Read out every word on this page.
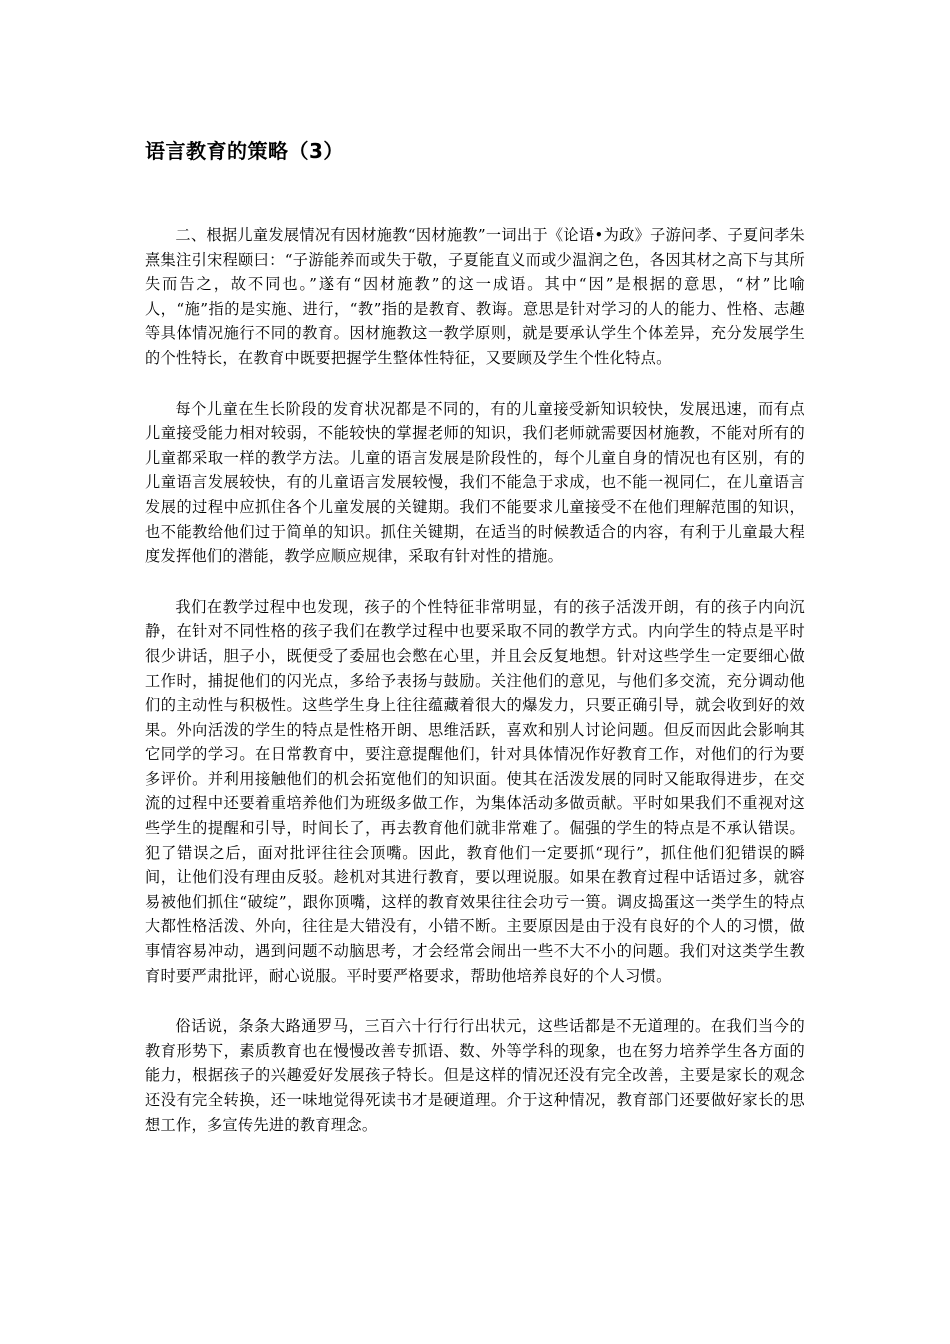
语言教育的策略（3）

二、根据儿童发展情况有因材施教“因材施教”一词出于《论语•为政》子游问孝、子夏问孝朱熹集注引宋程颐曰：“子游能养而或失于敬，子夏能直义而或少温润之色，各因其材之高下与其所失而告之，故不同也。”遂有“因材施教”的这一成语。其中“因”是根据的意思，“材”比喻人，“施”指的是实施、进行，“教”指的是教育、教诲。意思是针对学习的人的能力、性格、志趣等具体情况施行不同的教育。因材施教这一教学原则，就是要承认学生个体差异，充分发展学生的个性特长，在教育中既要把握学生整体性特征，又要顾及学生个性化特点。

每个儿童在生长阶段的发育状况都是不同的，有的儿童接受新知识较快，发展迅速，而有点儿童接受能力相对较弱，不能较快的掌握老师的知识，我们老师就需要因材施教，不能对所有的儿童都采取一样的教学方法。儿童的语言发展是阶段性的，每个儿童自身的情况也有区别，有的儿童语言发展较快，有的儿童语言发展较慢，我们不能急于求成，也不能一视同仁，在儿童语言发展的过程中应抓住各个儿童发展的关键期。我们不能要求儿童接受不在他们理解范围的知识，也不能教给他们过于简单的知识。抓住关键期，在适当的时候教适合的内容，有利于儿童最大程度发挥他们的潜能，教学应顺应规律，采取有针对性的措施。

我们在教学过程中也发现，孩子的个性特征非常明显，有的孩子活泼开朗，有的孩子内向沉静，在针对不同性格的孩子我们在教学过程中也要采取不同的教学方式。内向学生的特点是平时很少讲话，胆子小，既便受了委屈也会憋在心里，并且会反复地想。针对这些学生一定要细心做工作时，捕捉他们的闪光点，多给予表扬与鼓励。关注他们的意见，与他们多交流，充分调动他们的主动性与积极性。这些学生身上往往蕴藏着很大的爆发力，只要正确引导，就会收到好的效果。外向活泼的学生的特点是性格开朗、思维活跃，喜欢和别人讨论问题。但反而因此会影响其它同学的学习。在日常教育中，要注意提醒他们，针对具体情况作好教育工作，对他们的行为要多评价。并利用接触他们的机会拓宽他们的知识面。使其在活泼发展的同时又能取得进步，在交流的过程中还要着重培养他们为班级多做工作，为集体活动多做贡献。平时如果我们不重视对这些学生的提醒和引导，时间长了，再去教育他们就非常难了。倔强的学生的特点是不承认错误。犯了错误之后，面对批评往往会顶嘴。因此，教育他们一定要抓“现行”，抓住他们犯错误的瞬间，让他们没有理由反驳。趁机对其进行教育，要以理说服。如果在教育过程中话语过多，就容易被他们抓住“破绽”，跟你顶嘴，这样的教育效果往往会功亏一篑。调皮捣蛋这一类学生的特点大都性格活泼、外向，往往是大错没有，小错不断。主要原因是由于没有良好的个人的习惯，做事情容易冲动，遇到问题不动脑思考，才会经常会闹出一些不大不小的问题。我们对这类学生教育时要严肃批评，耐心说服。平时要严格要求，帮助他培养良好的个人习惯。

俗话说，条条大路通罗马，三百六十行行行出状元，这些话都是不无道理的。在我们当今的教育形势下，素质教育也在慢慢改善专抓语、数、外等学科的现象，也在努力培养学生各方面的能力，根据孩子的兴趣爱好发展孩子特长。但是这样的情况还没有完全改善，主要是家长的观念还没有完全转换，还一味地觉得死读书才是硬道理。介于这种情况，教育部门还要做好家长的思想工作，多宣传先进的教育理念。
